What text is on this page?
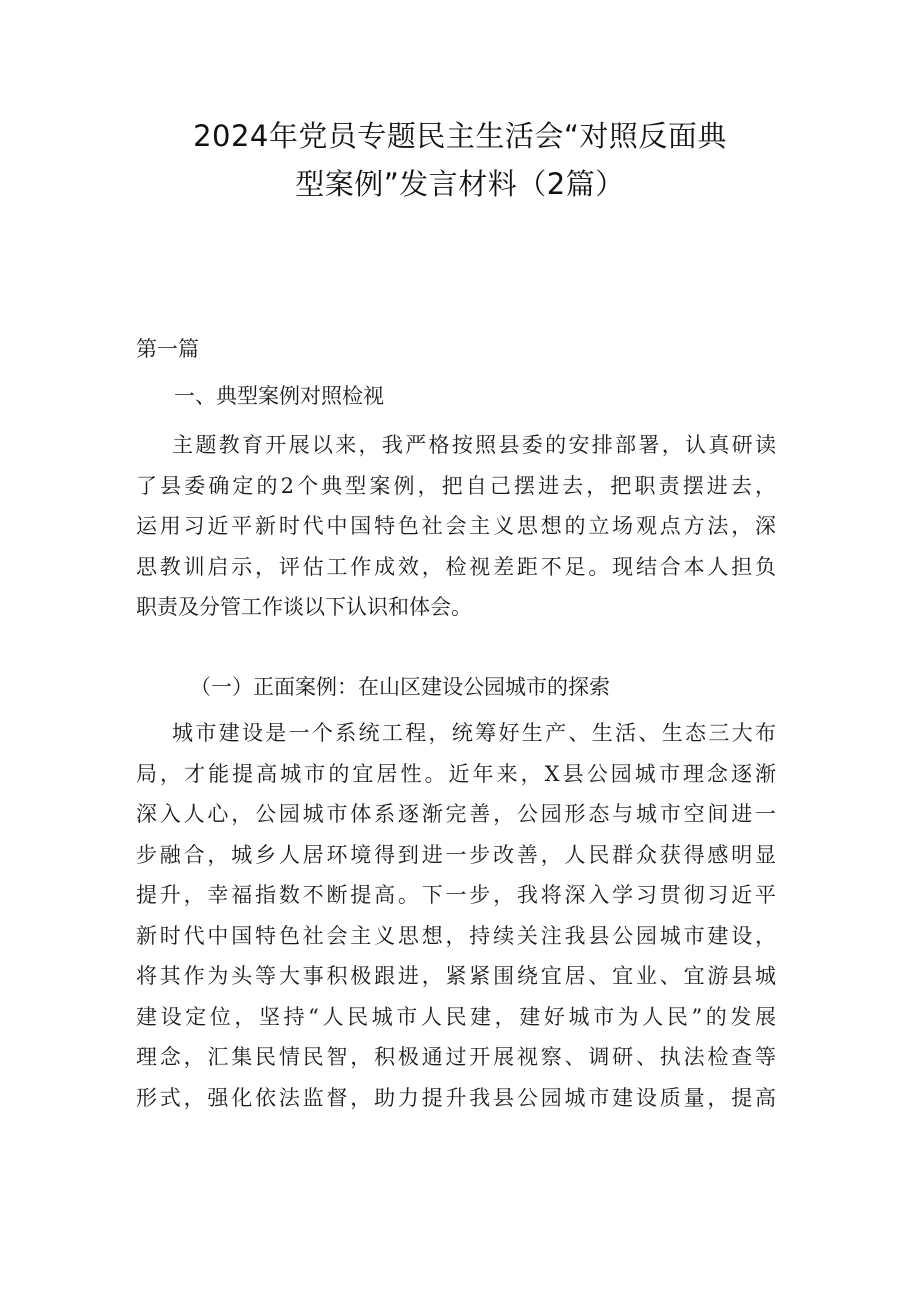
2024年党员专题民主生活会“对照反面典
型案例”发言材料（2篇）
第一篇
一、典型案例对照检视
主题教育开展以来，我严格按照县委的安排部署，认真研读
了县委确定的2个典型案例，把自己摆进去，把职责摆进去，
运用习近平新时代中国特色社会主义思想的立场观点方法，深
思教训启示，评估工作成效，检视差距不足。现结合本人担负
职责及分管工作谈以下认识和体会。
（一）正面案例：在山区建设公园城市的探索
城市建设是一个系统工程，统筹好生产、生活、生态三大布
局，才能提高城市的宜居性。近年来，X县公园城市理念逐渐
深入人心，公园城市体系逐渐完善，公园形态与城市空间进一
步融合，城乡人居环境得到进一步改善，人民群众获得感明显
提升，幸福指数不断提高。下一步，我将深入学习贯彻习近平
新时代中国特色社会主义思想，持续关注我县公园城市建设，
将其作为头等大事积极跟进，紧紧围绕宜居、宜业、宜游县城
建设定位，坚持“人民城市人民建，建好城市为人民”的发展
理念，汇集民情民智，积极通过开展视察、调研、执法检查等
形式，强化依法监督，助力提升我县公园城市建设质量，提高
